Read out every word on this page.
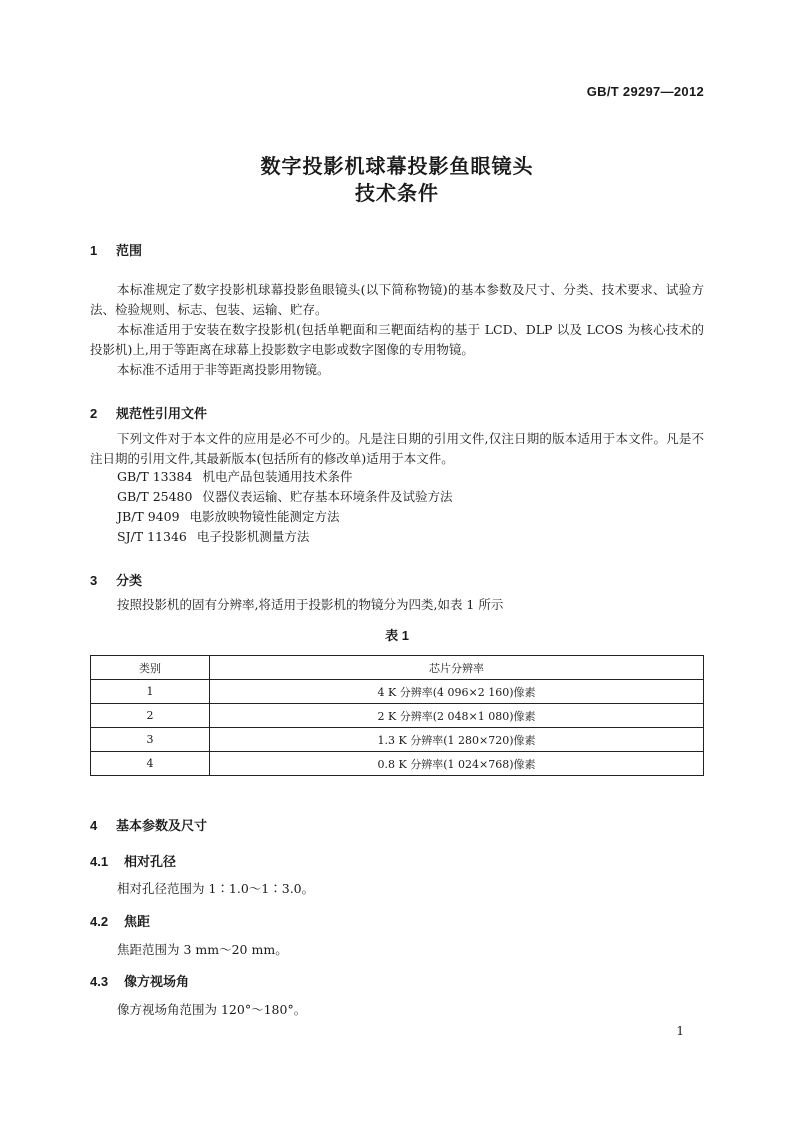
GB/T 29297—2012
数字投影机球幕投影鱼眼镜头
技术条件
1 范围
本标准规定了数字投影机球幕投影鱼眼镜头(以下简称物镜)的基本参数及尺寸、分类、技术要求、试验方法、检验规则、标志、包装、运输、贮存。
本标准适用于安装在数字投影机(包括单靶面和三靶面结构的基于 LCD、DLP 以及 LCOS 为核心技术的投影机)上,用于等距离在球幕上投影数字电影或数字图像的专用物镜。
本标准不适用于非等距离投影用物镜。
2 规范性引用文件
下列文件对于本文件的应用是必不可少的。凡是注日期的引用文件,仅注日期的版本适用于本文件。凡是不注日期的引用文件,其最新版本(包括所有的修改单)适用于本文件。
GB/T 13384 机电产品包装通用技术条件
GB/T 25480 仪器仪表运输、贮存基本环境条件及试验方法
JB/T 9409 电影放映物镜性能测定方法
SJ/T 11346 电子投影机测量方法
3 分类
按照投影机的固有分辨率,将适用于投影机的物镜分为四类,如表 1 所示
表 1
类别	芯片分辨率
1	4 K 分辨率(4 096×2 160)像素
2	2 K 分辨率(2 048×1 080)像素
3	1.3 K 分辨率(1 280×720)像素
4	0.8 K 分辨率(1 024×768)像素
4 基本参数及尺寸
4.1 相对孔径
相对孔径范围为 1∶1.0～1∶3.0。
4.2 焦距
焦距范围为 3 mm～20 mm。
4.3 像方视场角
像方视场角范围为 120°～180°。
1
